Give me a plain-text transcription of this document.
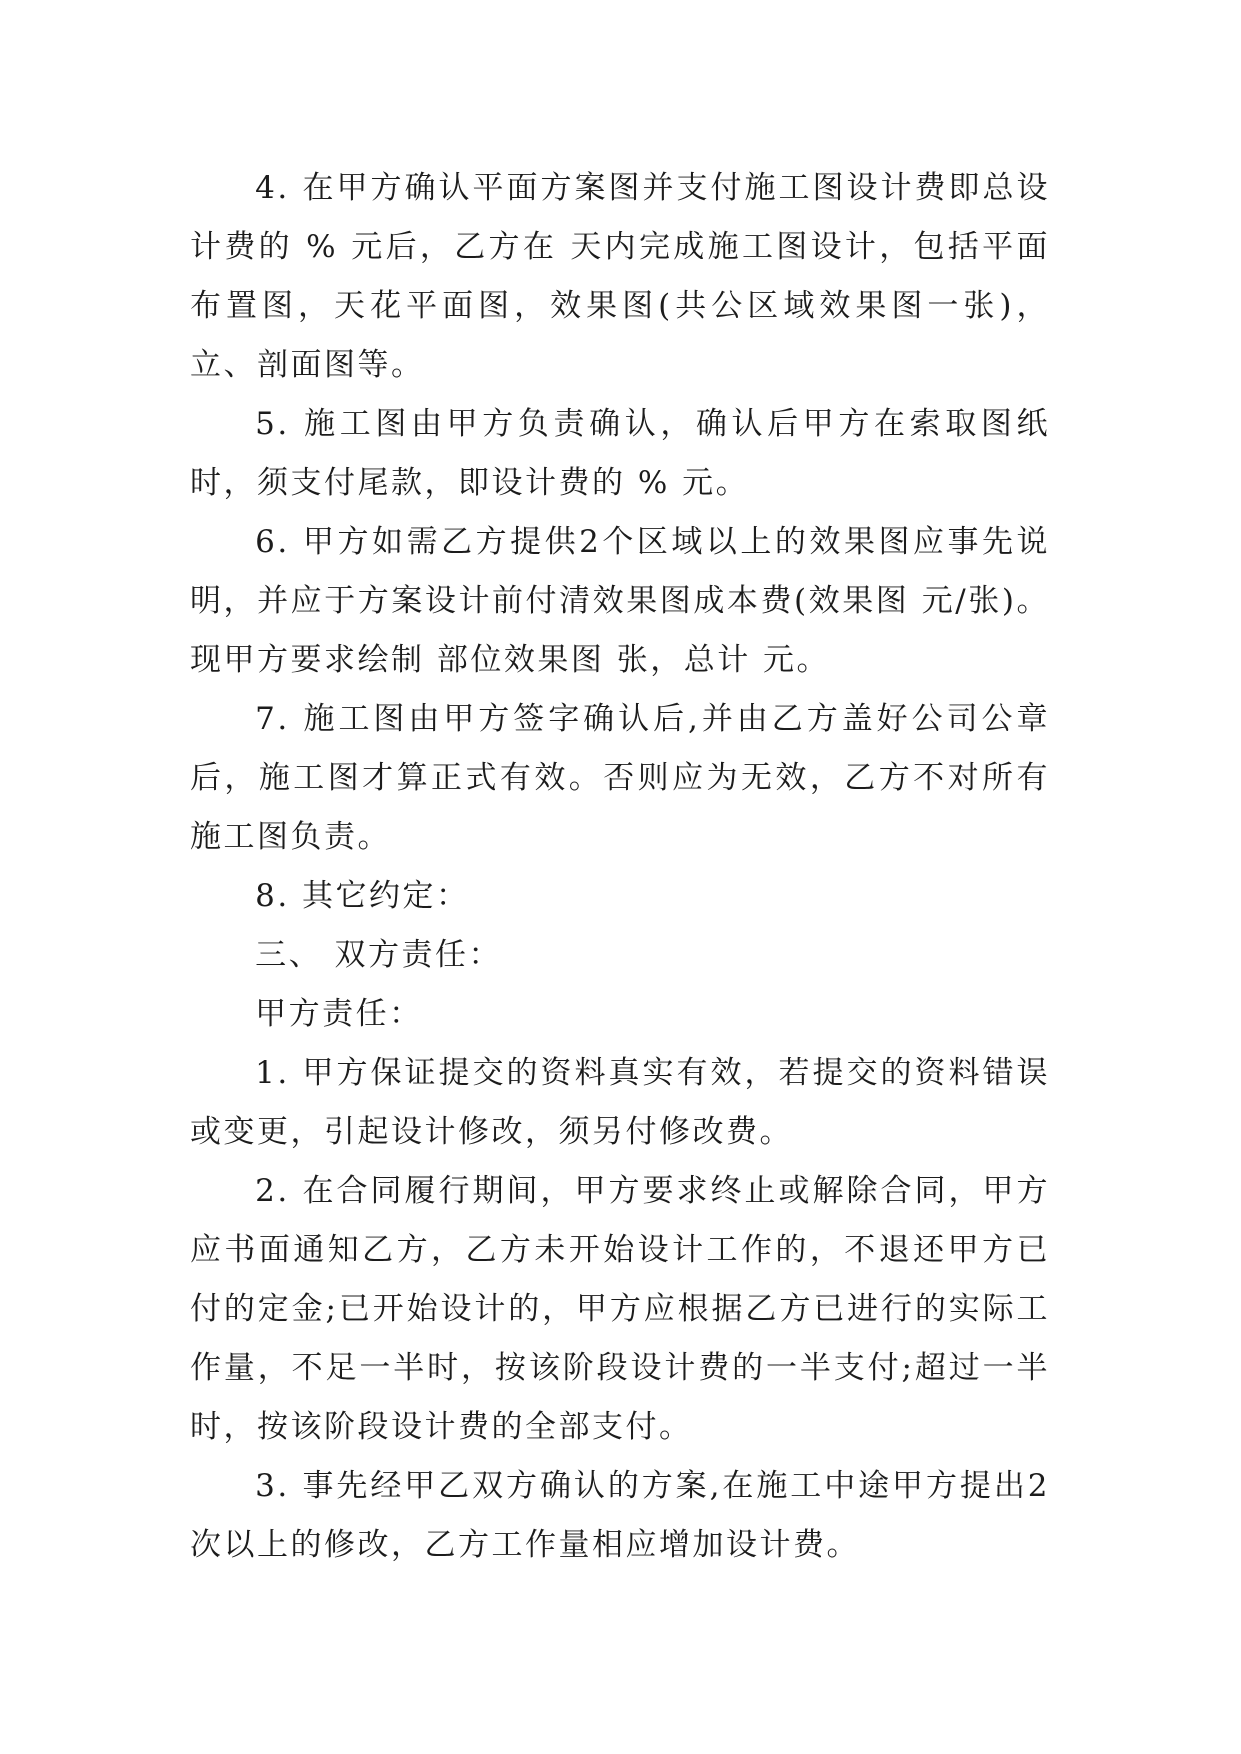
4. 在甲方确认平面方案图并支付施工图设计费即总设计费的 % 元后，乙方在 天内完成施工图设计，包括平面布置图，天花平面图，效果图(共公区域效果图一张)，立、剖面图等。

5. 施工图由甲方负责确认，确认后甲方在索取图纸时，须支付尾款，即设计费的 % 元。

6. 甲方如需乙方提供2个区域以上的效果图应事先说明，并应于方案设计前付清效果图成本费(效果图 元/张)。现甲方要求绘制 部位效果图 张，总计 元。

7. 施工图由甲方签字确认后,并由乙方盖好公司公章后，施工图才算正式有效。否则应为无效，乙方不对所有施工图负责。

8. 其它约定：

三、 双方责任：

甲方责任：

1. 甲方保证提交的资料真实有效，若提交的资料错误或变更，引起设计修改，须另付修改费。

2. 在合同履行期间，甲方要求终止或解除合同，甲方应书面通知乙方，乙方未开始设计工作的，不退还甲方已付的定金;已开始设计的，甲方应根据乙方已进行的实际工作量，不足一半时，按该阶段设计费的一半支付;超过一半时，按该阶段设计费的全部支付。

3. 事先经甲乙双方确认的方案,在施工中途甲方提出2次以上的修改，乙方工作量相应增加设计费。
